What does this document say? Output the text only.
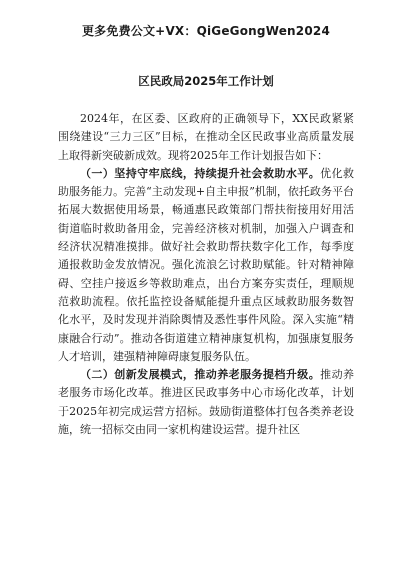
更多免费公文+VX：QiGeGongWen2024
区民政局2025年工作计划

2024年，在区委、区政府的正确领导下，XX民政紧紧围绕建设“三力三区”目标，在推动全区民政事业高质量发展上取得新突破新成效。现将2025年工作计划报告如下：

（一）坚持守牢底线，持续提升社会救助水平。优化救助服务能力。完善“主动发现+自主申报”机制，依托政务平台拓展大数据使用场景，畅通惠民政策部门帮扶衔接用好用活街道临时救助备用金，完善经济核对机制，加强入户调查和经济状况精准摸排。做好社会救助帮扶数字化工作，每季度通报救助金发放情况。强化流浪乞讨救助赋能。针对精神障碍、空挂户接返乡等救助难点，出台方案夯实责任，理顺规范救助流程。依托监控设备赋能提升重点区域救助服务数智化水平，及时发现并消除舆情及悉性事件风险。深入实施“精康融合行动”。推动各街道建立精神康复机构，加强康复服务人才培训，建强精神障碍康复服务队伍。

（二）创新发展模式，推动养老服务提档升级。推动养老服务市场化改革。推进区民政事务中心市场化改革，计划于2025年初完成运营方招标。鼓励街道整体打包各类养老设施，统一招标交由同一家机构建设运营。提升社区
